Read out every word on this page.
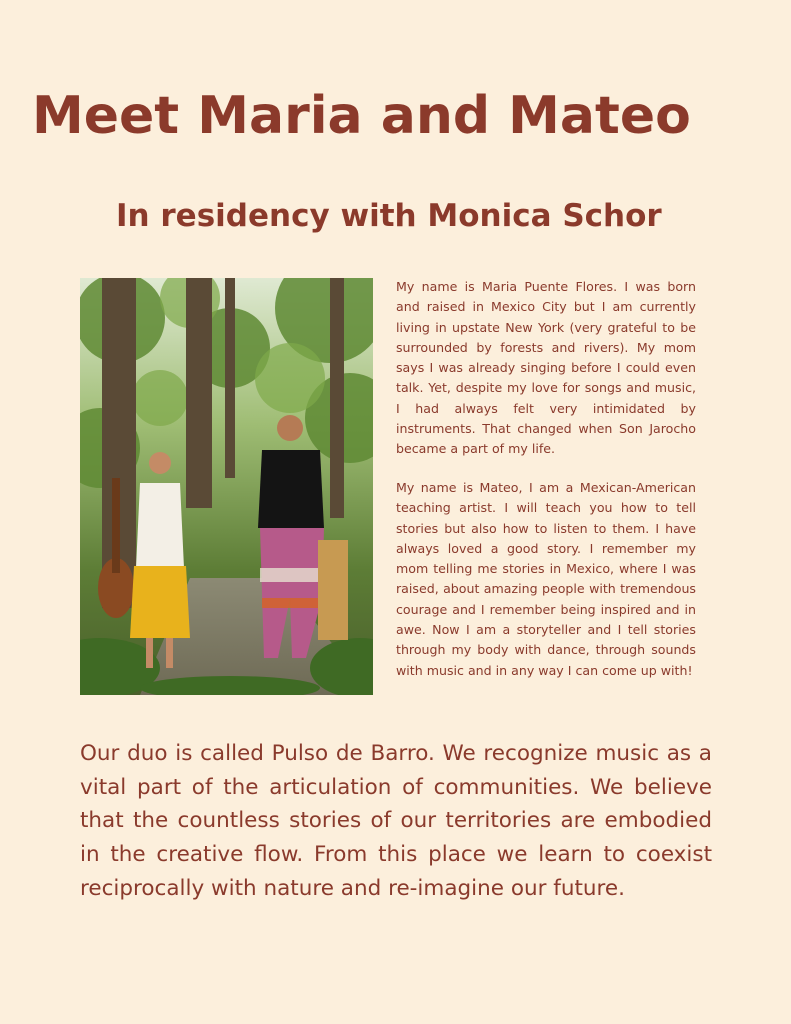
Meet Maria and Mateo
In residency with Monica Schor

My name is Maria Puente Flores. I was born and raised in Mexico City but I am currently living in upstate New York (very grateful to be surrounded by forests and rivers). My mom says I was already singing before I could even talk. Yet, despite my love for songs and music, I had always felt very intimidated by instruments. That changed when Son Jarocho became a part of my life.

My name is Mateo, I am a Mexican-American teaching artist. I will teach you how to tell stories but also how to listen to them. I have always loved a good story. I remember my mom telling me stories in Mexico, where I was raised, about amazing people with tremendous courage and I remember being inspired and in awe. Now I am a storyteller and I tell stories through my body with dance, through sounds with music and in any way I can come up with!

Our duo is called Pulso de Barro. We recognize music as a vital part of the articulation of communities. We believe that the countless stories of our territories are embodied in the creative flow. From this place we learn to coexist reciprocally with nature and re-imagine our future.
